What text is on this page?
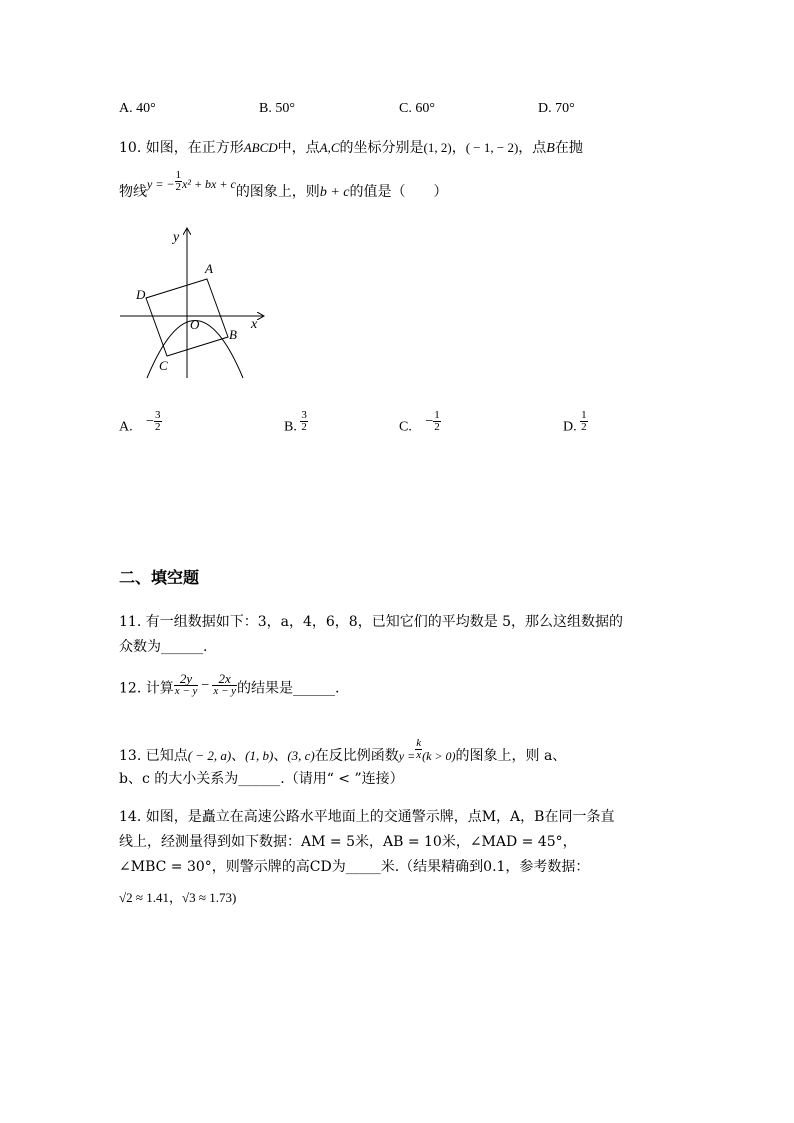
A. 40°	B. 50°	C. 60°	D. 70°
10. 如图，在正方形ABCD中，点A,C的坐标分别是(1, 2)，( − 1, − 2)，点B在抛
物线y = − $\frac{1}{2} x^2$ + bx + c的图象上，则b + c的值是（　　）
y
x
A
B
C
D
O
A. − $\frac{3}{2}$	B. $\frac{3}{2}$	C. − $\frac{1}{2}$	D. $\frac{1}{2}$
二、填空题
11. 有一组数据如下：3，a，4，6，8，已知它们的平均数是 5，那么这组数据的
众数为______.
12. 计算 $\frac{2y}{x - y} - \frac{2x}{x - y}$ 的结果是______.
13. 已知点( − 2, a)、(1, b)、(3, c)在反比例函数$y = \frac{k}{x} (k > 0)$的图象上，则 a、
b、c 的大小关系为______.（请用“ < ”连接）
14. 如图，是矗立在高速公路水平地面上的交通警示牌，点M，A，B在同一条直
线上，经测量得到如下数据：AM = 5米，AB = 10米，∠MAD = 45°，
∠MBC = 30°，则警示牌的高CD为_____米.（结果精确到0.1，参考数据：
√2 ≈ 1.41，√3 ≈ 1.73)
